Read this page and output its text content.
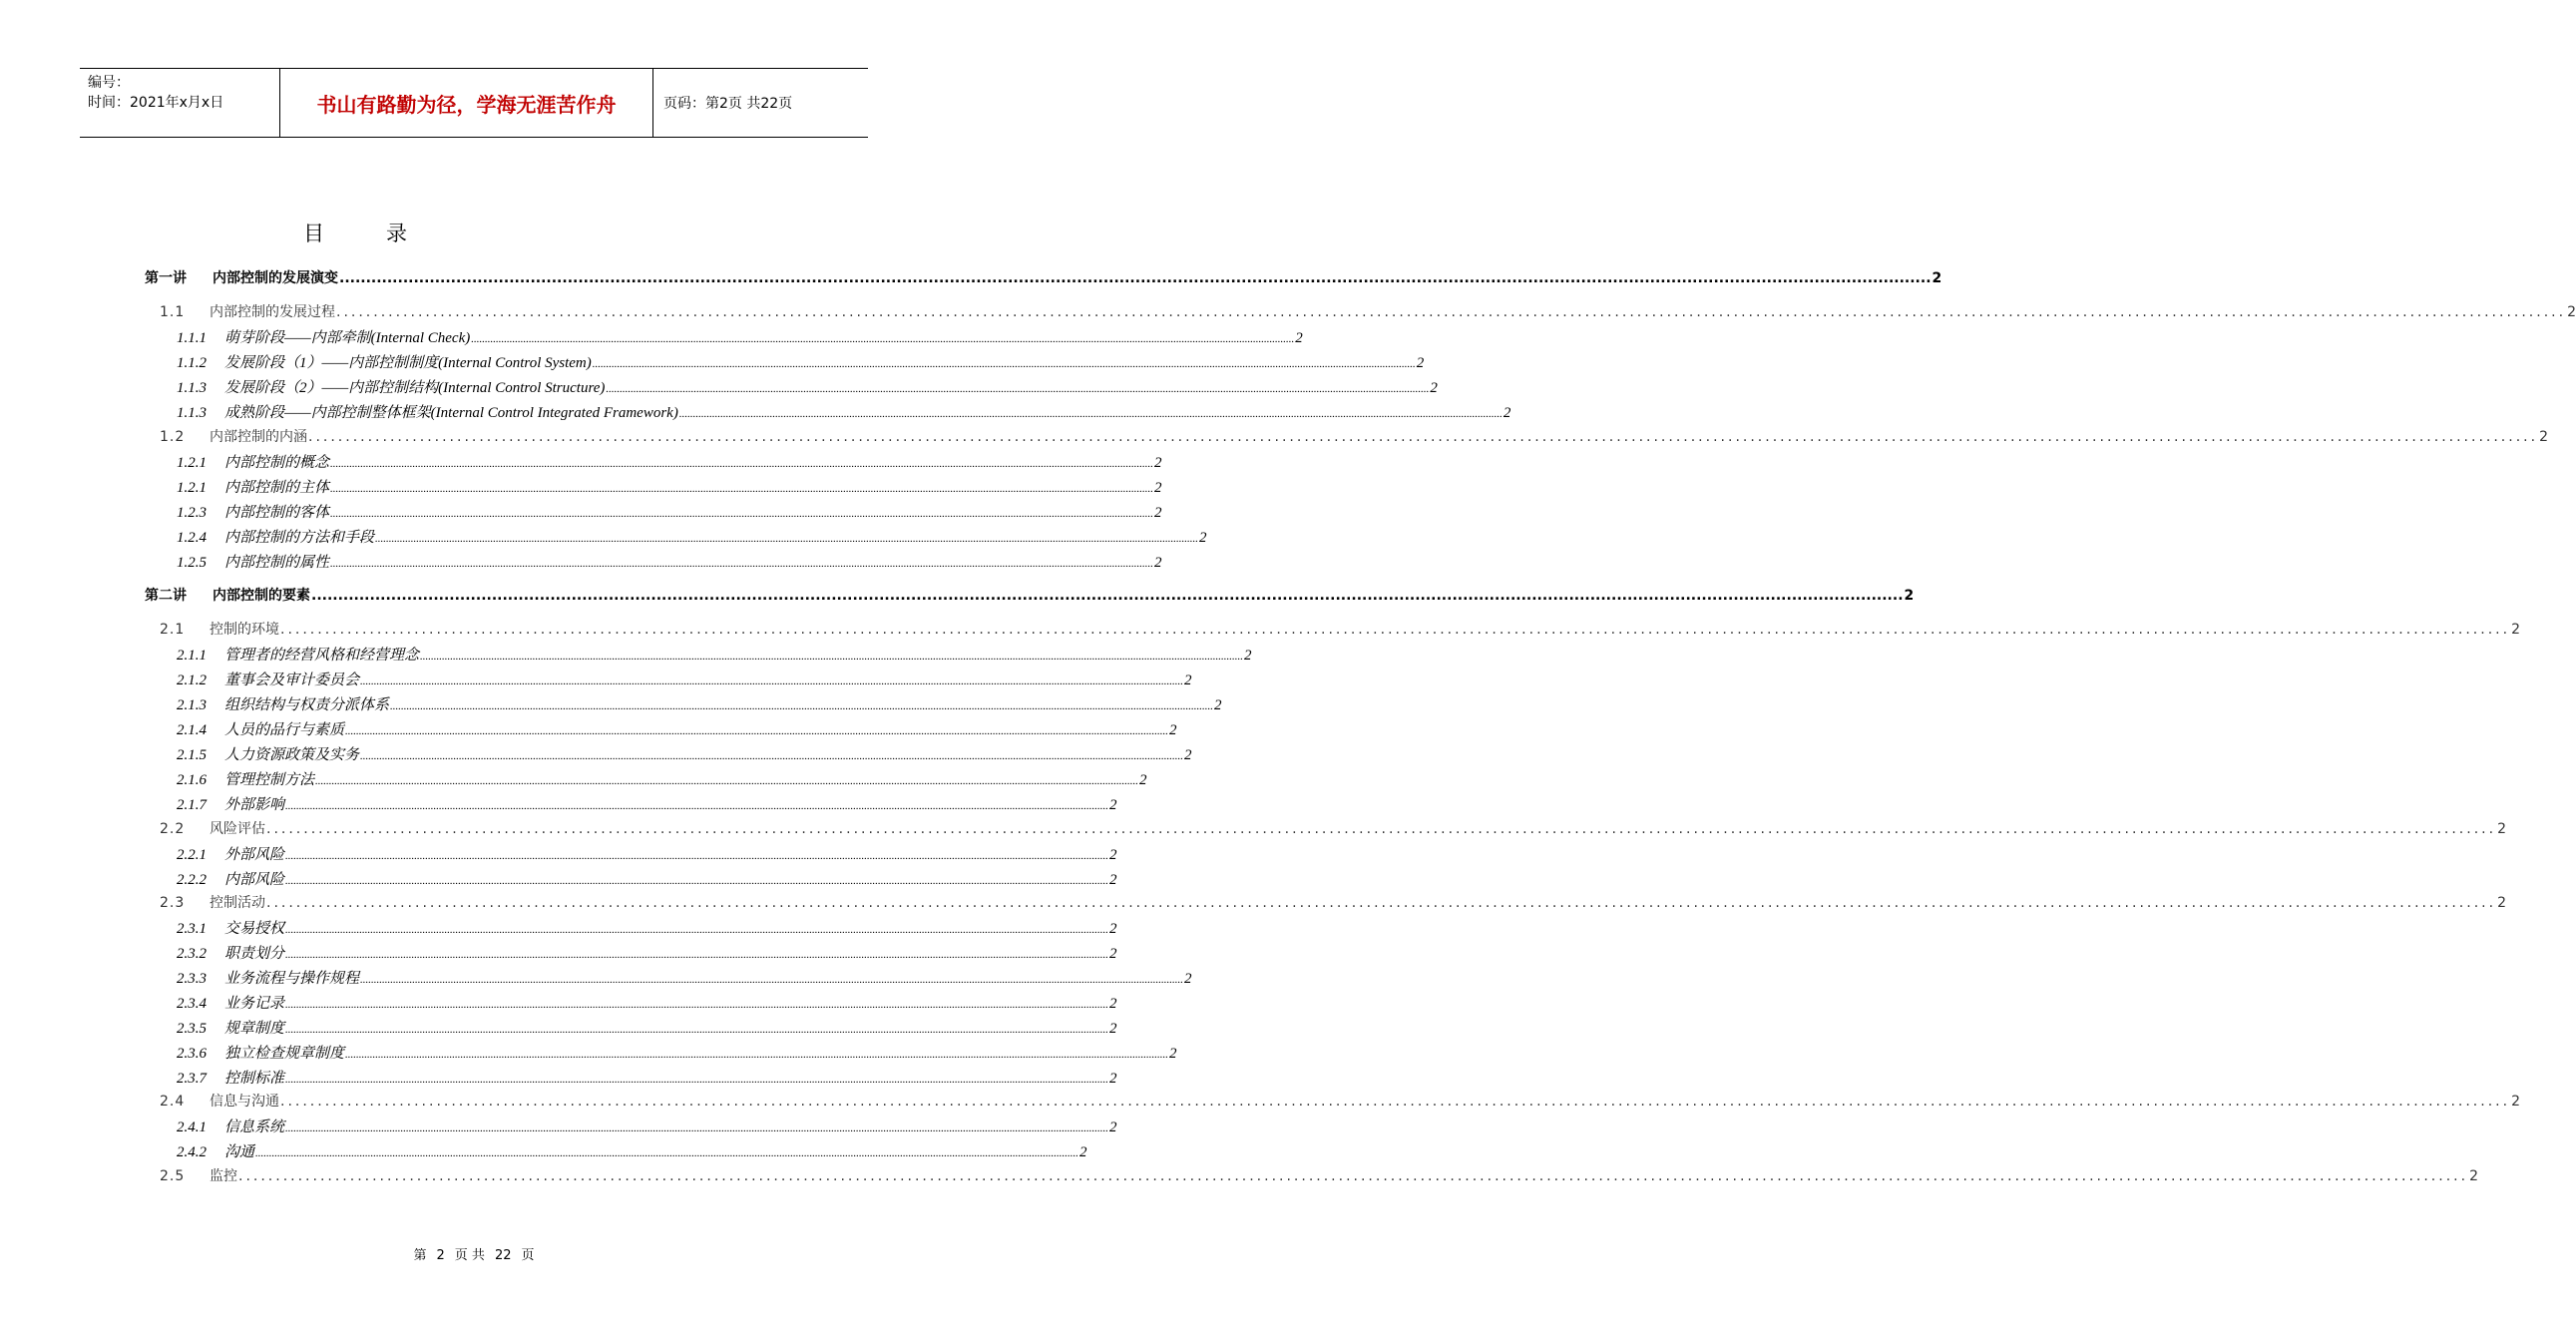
编号：
时间：2021年x月x日	书山有路勤为径，学海无涯苦作舟	页码：第2页 共22页
目录
第一讲 内部控制的发展演变 ............................................................................................................................................................................................................................................................................................................ 2
1.1 内部控制的发展过程 ............................................................................................................................................................................................................................................................................................................ 2
1.1.1 萌芽阶段——内部牵制(Internal Check) ............................................................................................................................................................................................................................................................................................................ 2
1.1.2 发展阶段（1）——内部控制制度(Internal Control System) ............................................................................................................................................................................................................................................................................................................ 2
1.1.3 发展阶段（2）——内部控制结构(Internal Control Structure) ............................................................................................................................................................................................................................................................................................................ 2
1.1.3 成熟阶段——内部控制整体框架(Internal Control Integrated Framework) ............................................................................................................................................................................................................................................................................................................ 2
1.2 内部控制的内涵 ............................................................................................................................................................................................................................................................................................................ 2
1.2.1 内部控制的概念 ............................................................................................................................................................................................................................................................................................................ 2
1.2.1 内部控制的主体 ............................................................................................................................................................................................................................................................................................................ 2
1.2.3 内部控制的客体 ............................................................................................................................................................................................................................................................................................................ 2
1.2.4 内部控制的方法和手段 ............................................................................................................................................................................................................................................................................................................ 2
1.2.5 内部控制的属性 ............................................................................................................................................................................................................................................................................................................ 2
第二讲 内部控制的要素 ............................................................................................................................................................................................................................................................................................................ 2
2.1 控制的环境 ............................................................................................................................................................................................................................................................................................................ 2
2.1.1 管理者的经营风格和经营理念 ............................................................................................................................................................................................................................................................................................................ 2
2.1.2 董事会及审计委员会 ............................................................................................................................................................................................................................................................................................................ 2
2.1.3 组织结构与权责分派体系 ............................................................................................................................................................................................................................................................................................................ 2
2.1.4 人员的品行与素质 ............................................................................................................................................................................................................................................................................................................ 2
2.1.5 人力资源政策及实务 ............................................................................................................................................................................................................................................................................................................ 2
2.1.6 管理控制方法 ............................................................................................................................................................................................................................................................................................................ 2
2.1.7 外部影响 ............................................................................................................................................................................................................................................................................................................ 2
2.2 风险评估 ............................................................................................................................................................................................................................................................................................................ 2
2.2.1 外部风险 ............................................................................................................................................................................................................................................................................................................ 2
2.2.2 内部风险 ............................................................................................................................................................................................................................................................................................................ 2
2.3 控制活动 ............................................................................................................................................................................................................................................................................................................ 2
2.3.1 交易授权 ............................................................................................................................................................................................................................................................................................................ 2
2.3.2 职责划分 ............................................................................................................................................................................................................................................................................................................ 2
2.3.3 业务流程与操作规程 ............................................................................................................................................................................................................................................................................................................ 2
2.3.4 业务记录 ............................................................................................................................................................................................................................................................................................................ 2
2.3.5 规章制度 ............................................................................................................................................................................................................................................................................................................ 2
2.3.6 独立检查规章制度 ............................................................................................................................................................................................................................................................................................................ 2
2.3.7 控制标准 ............................................................................................................................................................................................................................................................................................................ 2
2.4 信息与沟通 ............................................................................................................................................................................................................................................................................................................ 2
2.4.1 信息系统 ............................................................................................................................................................................................................................................................................................................ 2
2.4.2 沟通 ............................................................................................................................................................................................................................................................................................................ 2
2.5 监控 ............................................................................................................................................................................................................................................................................................................ 2
第 2 页 共 22 页
